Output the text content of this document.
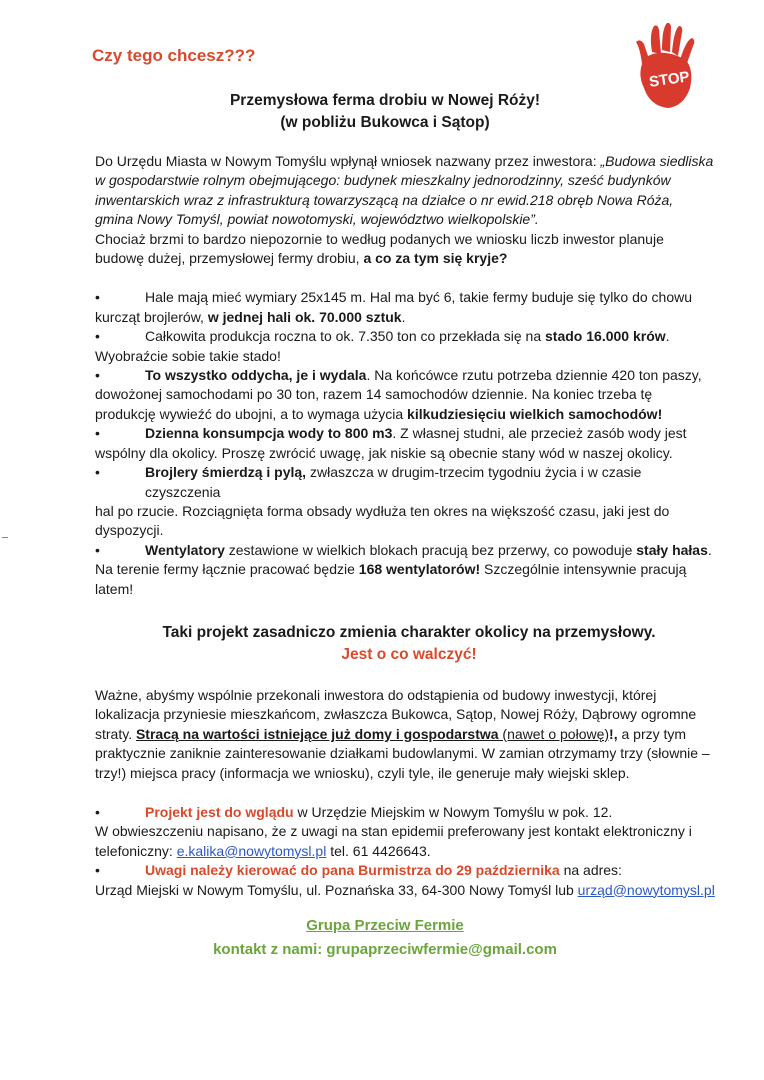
Czy tego chcesz???
STOP
Przemysłowa ferma drobiu w Nowej Róży!
(w pobliżu Bukowca i Sątop)

Do Urzędu Miasta w Nowym Tomyślu wpłynął wniosek nazwany przez inwestora: „Budowa siedliska w gospodarstwie rolnym obejmującego: budynek mieszkalny jednorodzinny, sześć budynków inwentarskich wraz z infrastrukturą towarzyszącą na działce o nr ewid.218 obręb Nowa Róża, gmina Nowy Tomyśl, powiat nowotomyski, województwo wielkopolskie”.
Chociaż brzmi to bardzo niepozornie to według podanych we wniosku liczb inwestor planuje budowę dużej, przemysłowej fermy drobiu, a co za tym się kryje?

•	Hale mają mieć wymiary 25x145 m. Hal ma być 6, takie fermy buduje się tylko do chowu

kurcząt brojlerów, w jednej hali ok. 70.000 sztuk.

•	Całkowita produkcja roczna to ok. 7.350 ton co przekłada się na stado 16.000 krów.

Wyobraźcie sobie takie stado!

•	To wszystko oddycha, je i wydala. Na końcówce rzutu potrzeba dziennie 420 ton paszy,

dowożonej samochodami po 30 ton, razem 14 samochodów dziennie. Na koniec trzeba tę produkcję wywieźć do ubojni, a to wymaga użycia kilkudziesięciu wielkich samochodów!

•	Dzienna konsumpcja wody to 800 m3. Z własnej studni, ale przecież zasób wody jest

wspólny dla okolicy. Proszę zwrócić uwagę, jak niskie są obecnie stany wód w naszej okolicy.

•	Brojlery śmierdzą i pylą, zwłaszcza w drugim-trzecim tygodniu życia i w czasie czyszczenia

hal po rzucie. Rozciągnięta forma obsady wydłuża ten okres na większość czasu, jaki jest do dyspozycji.

•	Wentylatory zestawione w wielkich blokach pracują bez przerwy, co powoduje stały hałas.

Na terenie fermy łącznie pracować będzie 168 wentylatorów! Szczególnie intensywnie pracują latem!

Taki projekt zasadniczo zmienia charakter okolicy na przemysłowy.
Jest o co walczyć!

Ważne, abyśmy wspólnie przekonali inwestora do odstąpienia od budowy inwestycji, której lokalizacja przyniesie mieszkańcom, zwłaszcza Bukowca, Sątop, Nowej Róży, Dąbrowy ogromne straty. Stracą na wartości istniejące już domy i gospodarstwa (nawet o połowę)!, a przy tym praktycznie zaniknie zainteresowanie działkami budowlanymi. W zamian otrzymamy trzy (słownie – trzy!) miejsca pracy (informacja we wniosku), czyli tyle, ile generuje mały wiejski sklep.

•	Projekt jest do wglądu w Urzędzie Miejskim w Nowym Tomyślu w pok. 12.

W obwieszczeniu napisano, że z uwagi na stan epidemii preferowany jest kontakt elektroniczny i telefoniczny: e.kalika@nowytomysl.pl tel. 61 4426643.

•	Uwagi należy kierować do pana Burmistrza do 29 października na adres:

Urząd Miejski w Nowym Tomyślu, ul. Poznańska 33, 64-300 Nowy Tomyśl lub urząd@nowytomysl.pl

Grupa Przeciw Fermie
kontakt z nami: grupaprzeciwfermie@gmail.com
